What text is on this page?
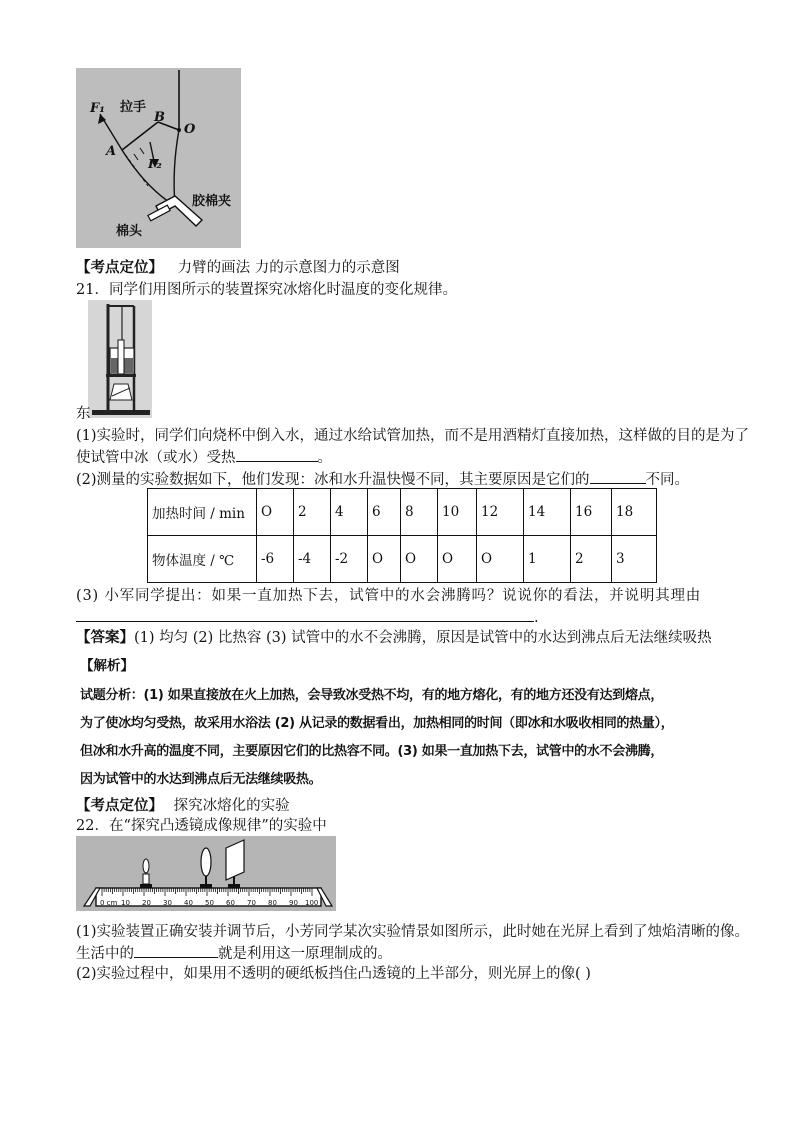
F₁ 拉手
B
O
A
F₂
胶棉夹
棉头
【考点定位】 力臂的画法 力的示意图力的示意图
21．同学们用图所示的装置探究冰熔化时温度的变化规律。
东
(1)实验时，同学们向烧杯中倒入水，通过水给试管加热，而不是用酒精灯直接加热，这样做的目的是为了
使试管中冰（或水）受热	。
(2)测量的实验数据如下，他们发现：冰和水升温快慢不同，其主要原因是它们的	不同。
加热时间 / min	O	2	4	6	8	10	12	14	16	18
物体温度 / ℃	-6	-4	-2	O	O	O	O	1	2	3
(3) 小军同学提出：如果一直加热下去，试管中的水会沸腾吗？说说你的看法，并说明其理由
.
【答案】(1) 均匀 (2) 比热容 (3) 试管中的水不会沸腾，原因是试管中的水达到沸点后无法继续吸热
【解析】
试题分析：(1) 如果直接放在火上加热，会导致冰受热不均，有的地方熔化，有的地方还没有达到熔点，
为了使冰均匀受热，故采用水浴法 (2) 从记录的数据看出，加热相同的时间（即冰和水吸收相同的热量），
但冰和水升高的温度不同，主要原因它们的比热容不同。(3) 如果一直加热下去，试管中的水不会沸腾，
因为试管中的水达到沸点后无法继续吸热。
【考点定位】 探究冰熔化的实验
22．在“探究凸透镜成像规律”的实验中
0 cm 10 20 30 40 50 60 70 80 90 100
(1)实验装置正确安装并调节后，小芳同学某次实验情景如图所示，此时她在光屏上看到了烛焰清晰的像。
生活中的	就是利用这一原理制成的。
(2)实验过程中，如果用不透明的硬纸板挡住凸透镜的上半部分，则光屏上的像( )
